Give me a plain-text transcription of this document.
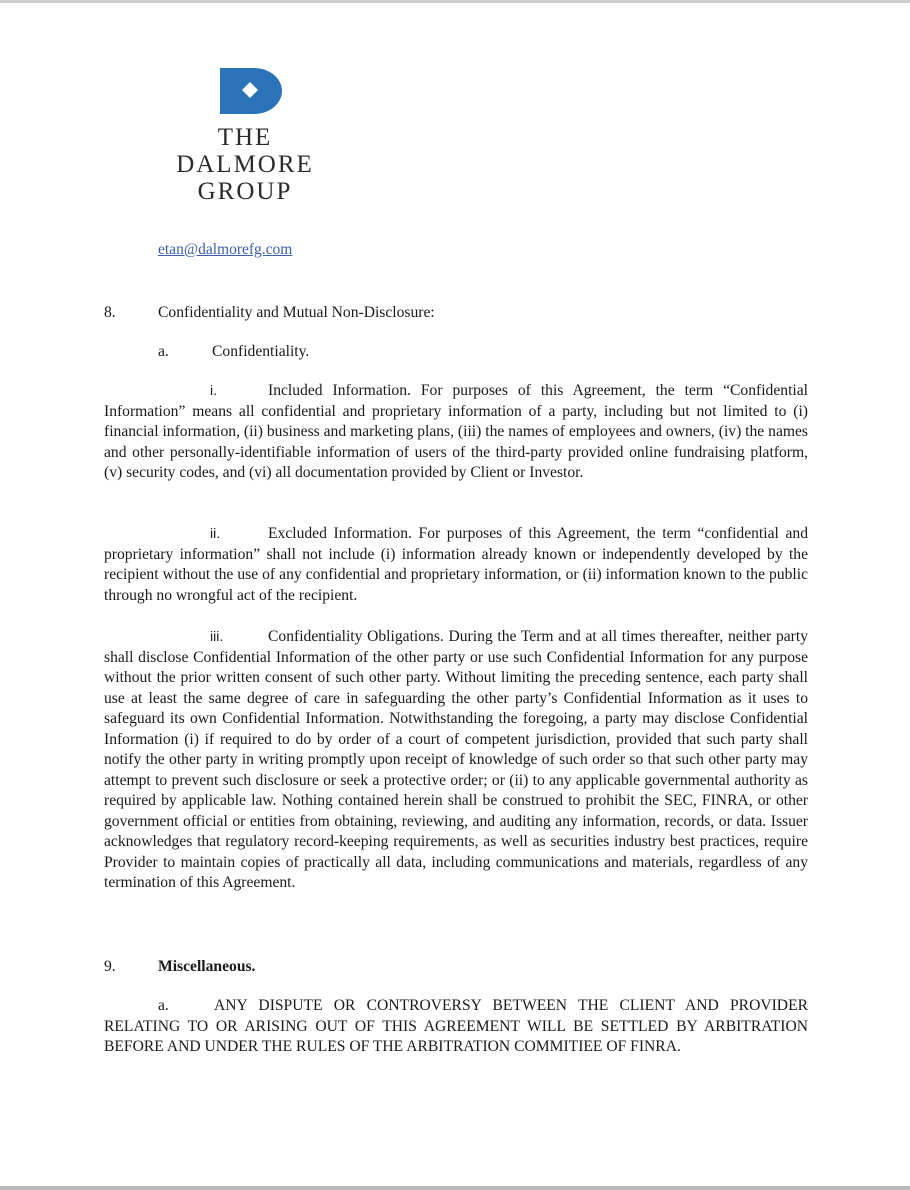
THE
DALMORE
GROUP
etan@dalmorefg.com
8.	Confidentiality and Mutual Non-Disclosure:
a.	Confidentiality.
i.	Included Information. For purposes of this Agreement, the term “Confidential Information” means all confidential and proprietary information of a party, including but not limited to (i) financial information, (ii) business and marketing plans, (iii) the names of employees and owners, (iv) the names and other personally-identifiable information of users of the third-party provided online fundraising platform, (v) security codes, and (vi) all documentation provided by Client or Investor.
ii.	Excluded Information. For purposes of this Agreement, the term “confidential and proprietary information” shall not include (i) information already known or independently developed by the recipient without the use of any confidential and proprietary information, or (ii) information known to the public through no wrongful act of the recipient.
iii.	Confidentiality Obligations. During the Term and at all times thereafter, neither party shall disclose Confidential Information of the other party or use such Confidential Information for any purpose without the prior written consent of such other party. Without limiting the preceding sentence, each party shall use at least the same degree of care in safeguarding the other party’s Confidential Information as it uses to safeguard its own Confidential Information. Notwithstanding the foregoing, a party may disclose Confidential Information (i) if required to do by order of a court of competent jurisdiction, provided that such party shall notify the other party in writing promptly upon receipt of knowledge of such order so that such other party may attempt to prevent such disclosure or seek a protective order; or (ii) to any applicable governmental authority as required by applicable law. Nothing contained herein shall be construed to prohibit the SEC, FINRA, or other government official or entities from obtaining, reviewing, and auditing any information, records, or data. Issuer acknowledges that regulatory record-keeping requirements, as well as securities industry best practices, require Provider to maintain copies of practically all data, including communications and materials, regardless of any termination of this Agreement.
9.	Miscellaneous.
a.	ANY DISPUTE OR CONTROVERSY BETWEEN THE CLIENT AND PROVIDER RELATING TO OR ARISING OUT OF THIS AGREEMENT WILL BE SETTLED BY ARBITRATION BEFORE AND UNDER THE RULES OF THE ARBITRATION COMMITIEE OF FINRA.
